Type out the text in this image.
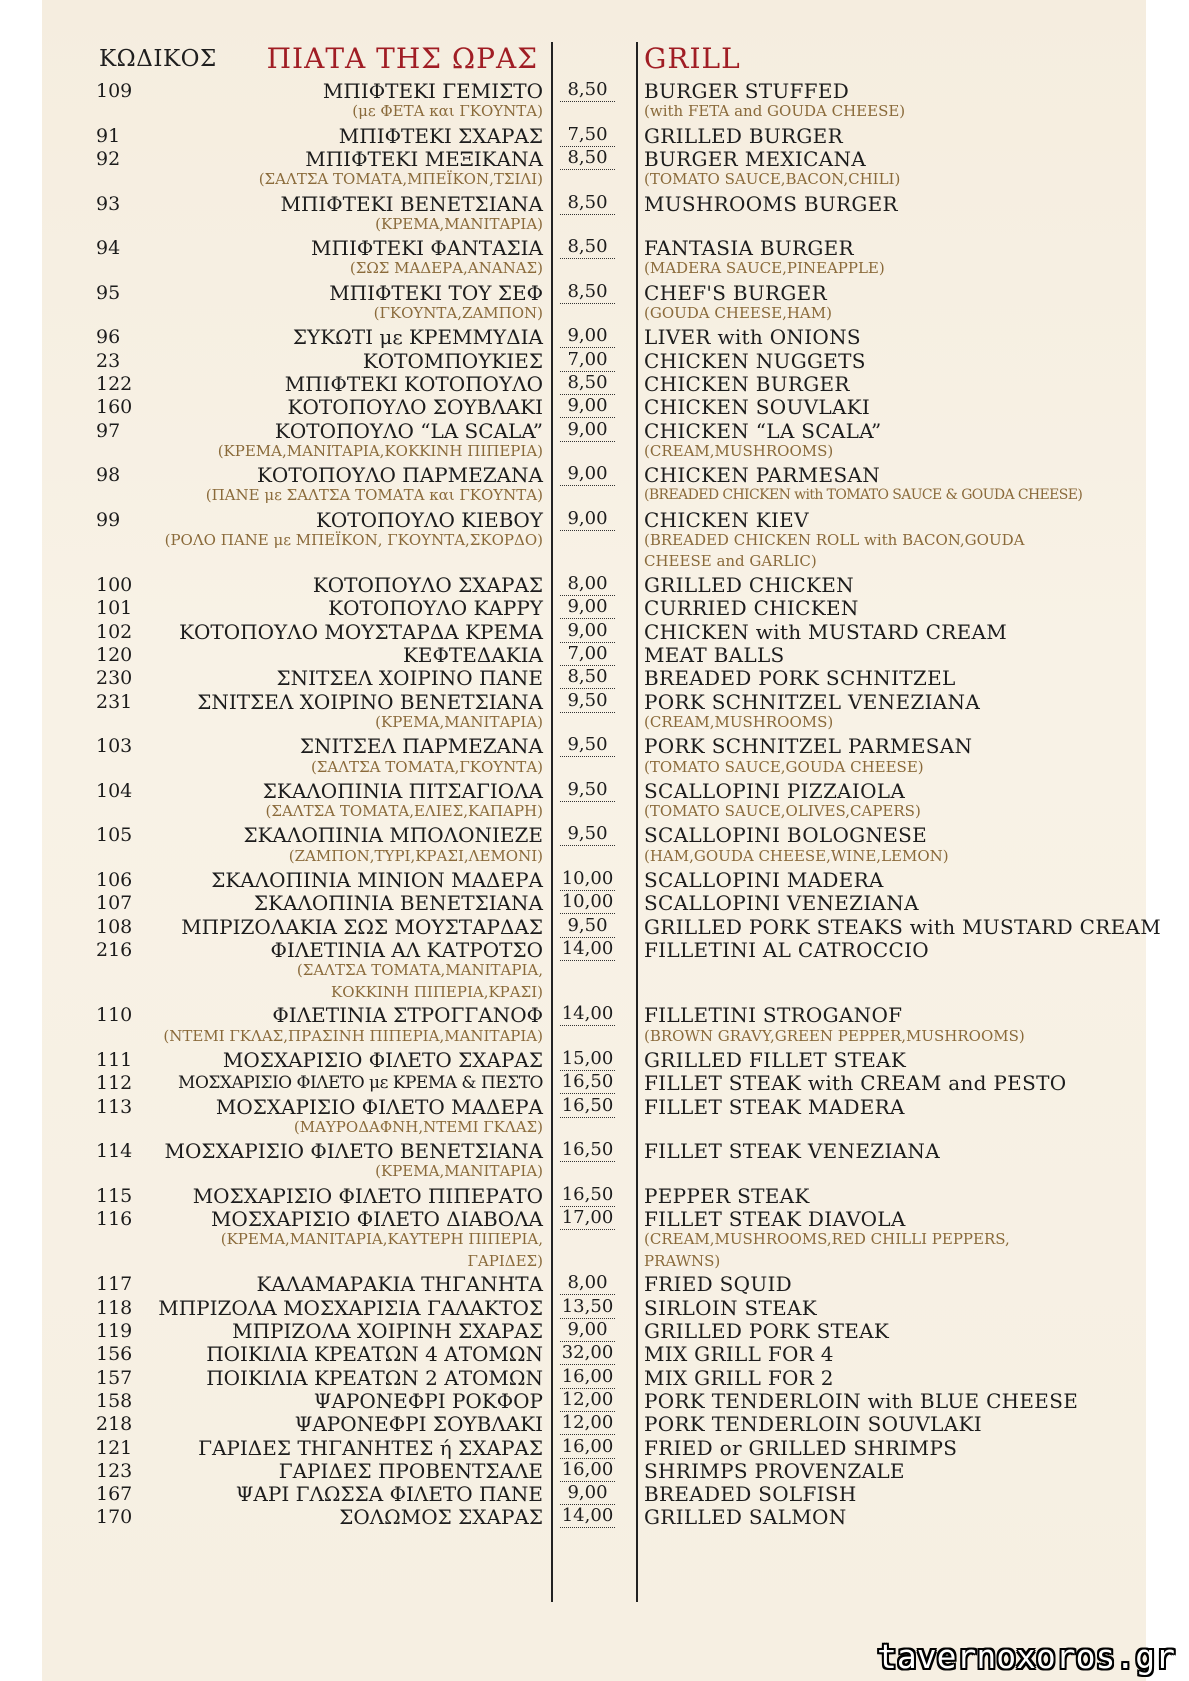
ΚΩΔΙΚΟΣ ΠΙΑΤΑ ΤΗΣ ΩΡΑΣ	GRILL
109	ΜΠΙΦΤΕΚΙ ΓΕΜΙΣΤΟ	8,50	BURGER STUFFED
(με ΦΕΤΑ και ΓΚΟΥΝΤΑ)	(with FETA and GOUDA CHEESE)
91	ΜΠΙΦΤΕΚΙ ΣΧΑΡΑΣ	7,50	GRILLED BURGER
92	ΜΠΙΦΤΕΚΙ ΜΕΞΙΚΑΝΑ	8,50	BURGER MEXICANA
(ΣΑΛΤΣΑ ΤΟΜΑΤΑ,ΜΠΕΪΚΟΝ,ΤΣΙΛΙ)	(TOMATO SAUCE,BACON,CHILI)
93	ΜΠΙΦΤΕΚΙ ΒΕΝΕΤΣΙΑΝΑ	8,50	MUSHROOMS BURGER
(ΚΡΕΜΑ,ΜΑΝΙΤΑΡΙΑ)
94	ΜΠΙΦΤΕΚΙ ΦΑΝΤΑΣΙΑ	8,50	FANTASIA BURGER
(ΣΩΣ ΜΑΔΕΡΑ,ΑΝΑΝΑΣ)	(MADERA SAUCE,PINEAPPLE)
95	ΜΠΙΦΤΕΚΙ ΤΟΥ ΣΕΦ	8,50	CHEF'S BURGER
(ΓΚΟΥΝΤΑ,ΖΑΜΠΟΝ)	(GOUDA CHEESE,HAM)
96	ΣΥΚΩΤΙ με ΚΡΕΜΜΥΔΙΑ	9,00	LIVER with ONIONS
23	ΚΟΤΟΜΠΟΥΚΙΕΣ	7,00	CHICKEN NUGGETS
122	ΜΠΙΦΤΕΚΙ ΚΟΤΟΠΟΥΛΟ	8,50	CHICKEN BURGER
160	ΚΟΤΟΠΟΥΛΟ ΣΟΥΒΛΑΚΙ	9,00	CHICKEN SOUVLAKI
97	ΚΟΤΟΠΟΥΛΟ “LA SCALA”	9,00	CHICKEN “LA SCALA”
(ΚΡΕΜΑ,ΜΑΝΙΤΑΡΙΑ,ΚΟΚΚΙΝΗ ΠΙΠΕΡΙΑ)	(CREAM,MUSHROOMS)
98	ΚΟΤΟΠΟΥΛΟ ΠΑΡΜΕΖΑΝΑ	9,00	CHICKEN PARMESAN
(ΠΑΝΕ με ΣΑΛΤΣΑ ΤΟΜΑΤΑ και ΓΚΟΥΝΤΑ)	(BREADED CHICKEN with TOMATO SAUCE & GOUDA CHEESE)
99	ΚΟΤΟΠΟΥΛΟ ΚΙΕΒΟΥ	9,00	CHICKEN KIEV
(ΡΟΛΟ ΠΑΝΕ με ΜΠΕΪΚΟΝ, ΓΚΟΥΝΤΑ,ΣΚΟΡΔΟ)	(BREADED CHICKEN ROLL with BACON,GOUDA
CHEESE and GARLIC)
100	ΚΟΤΟΠΟΥΛΟ ΣΧΑΡΑΣ	8,00	GRILLED CHICKEN
101	ΚΟΤΟΠΟΥΛΟ ΚΑΡΡΥ	9,00	CURRIED CHICKEN
102 ΚΟΤΟΠΟΥΛΟ ΜΟΥΣΤΑΡΔΑ ΚΡΕΜΑ	9,00	CHICKEN with MUSTARD CREAM
120	ΚΕΦΤΕΔΑΚΙΑ	7,00	MEAT BALLS
230	ΣΝΙΤΣΕΛ ΧΟΙΡΙΝΟ ΠΑΝΕ	8,50	BREADED PORK SCHNITZEL
231	ΣΝΙΤΣΕΛ ΧΟΙΡΙΝΟ ΒΕΝΕΤΣΙΑΝΑ	9,50	PORK SCHNITZEL VENEZIANA
(ΚΡΕΜΑ,ΜΑΝΙΤΑΡΙΑ)	(CREAM,MUSHROOMS)
103	ΣΝΙΤΣΕΛ ΠΑΡΜΕΖΑΝΑ	9,50	PORK SCHNITZEL PARMESAN
(ΣΑΛΤΣΑ ΤΟΜΑΤΑ,ΓΚΟΥΝΤΑ)	(TOMATO SAUCE,GOUDA CHEESE)
104	ΣΚΑΛΟΠΙΝΙΑ ΠΙΤΣΑΓΙΟΛΑ	9,50	SCALLOPINI PIZZAIOLA
(ΣΑΛΤΣΑ ΤΟΜΑΤΑ,ΕΛΙΕΣ,ΚΑΠΑΡΗ)	(TOMATO SAUCE,OLIVES,CAPERS)
105	ΣΚΑΛΟΠΙΝΙΑ ΜΠΟΛΟΝΙΕΖΕ	9,50	SCALLOPINI BOLOGNESE
(ΖΑΜΠΟΝ,ΤΥΡΙ,ΚΡΑΣΙ,ΛΕΜΟΝΙ)	(HAM,GOUDA CHEESE,WINE,LEMON)
106	ΣΚΑΛΟΠΙΝΙΑ ΜΙΝΙΟΝ ΜΑΔΕΡΑ 10,00 SCALLOPINI MADERA
107	ΣΚΑΛΟΠΙΝΙΑ ΒΕΝΕΤΣΙΑΝΑ 10,00 SCALLOPINI VENEZIANA
108 ΜΠΡΙΖΟΛΑΚΙΑ ΣΩΣ ΜΟΥΣΤΑΡΔΑΣ	9,50	GRILLED PORK STEAKS with MUSTARD CREAM
216	ΦΙΛΕΤΙΝΙΑ ΑΛ ΚΑΤΡΟΤΣΟ 14,00 FILLETINI AL CATROCCIO
(ΣΑΛΤΣΑ ΤΟΜΑΤΑ,ΜΑΝΙΤΑΡΙΑ,
ΚΟΚΚΙΝΗ ΠΙΠΕΡΙΑ,ΚΡΑΣΙ)
110	ΦΙΛΕΤΙΝΙΑ ΣΤΡΟΓΓΑΝΟΦ 14,00 FILLETINI STROGANOF
(ΝΤΕΜΙ ΓΚΛΑΣ,ΠΡΑΣΙΝΗ ΠΙΠΕΡΙΑ,ΜΑΝΙΤΑΡΙΑ)	(BROWN GRAVY,GREEN PEPPER,MUSHROOMS)
111	ΜΟΣΧΑΡΙΣΙΟ ΦΙΛΕΤΟ ΣΧΑΡΑΣ 15,00 GRILLED FILLET STEAK
112	ΜΟΣΧΑΡΙΣΙΟ ΦΙΛΕΤΟ με ΚΡΕΜΑ & ΠΕΣΤΟ 16,50 FILLET STEAK with CREAM and PESTO
113	ΜΟΣΧΑΡΙΣΙΟ ΦΙΛΕΤΟ ΜΑΔΕΡΑ 16,50 FILLET STEAK MADERA
(ΜΑΥΡΟΔΑΦΝΗ,ΝΤΕΜΙ ΓΚΛΑΣ)
114 ΜΟΣΧΑΡΙΣΙΟ ΦΙΛΕΤΟ ΒΕΝΕΤΣΙΑΝΑ 16,50 FILLET STEAK VENEZIANA
(ΚΡΕΜΑ,ΜΑΝΙΤΑΡΙΑ)
115	ΜΟΣΧΑΡΙΣΙΟ ΦΙΛΕΤΟ ΠΙΠΕΡΑΤΟ 16,50 PEPPER STEAK
116	ΜΟΣΧΑΡΙΣΙΟ ΦΙΛΕΤΟ ΔΙΑΒΟΛΑ 17,00 FILLET STEAK DIAVOLA
(ΚΡΕΜΑ,ΜΑΝΙΤΑΡΙΑ,ΚΑΥΤΕΡΗ ΠΙΠΕΡΙΑ,	(CREAM,MUSHROOMS,RED CHILLI PEPPERS,
ΓΑΡΙΔΕΣ)	PRAWNS)
117	ΚΑΛΑΜΑΡΑΚΙΑ ΤΗΓΑΝΗΤΑ	8,00	FRIED SQUID
118 ΜΠΡΙΖΟΛΑ ΜΟΣΧΑΡΙΣΙΑ ΓΑΛΑΚΤΟΣ 13,50 SIRLOIN STEAK
119	ΜΠΡΙΖΟΛΑ ΧΟΙΡΙΝΗ ΣΧΑΡΑΣ	9,00	GRILLED PORK STEAK
156	ΠΟΙΚΙΛΙΑ ΚΡΕΑΤΩΝ 4 ΑΤΟΜΩΝ 32,00 MIX GRILL FOR 4
157	ΠΟΙΚΙΛΙΑ ΚΡΕΑΤΩΝ 2 ΑΤΟΜΩΝ 16,00 MIX GRILL FOR 2
158	ΨΑΡΟΝΕΦΡΙ ΡΟΚΦΟΡ 12,00 PORK TENDERLOIN with BLUE CHEESE
218	ΨΑΡΟΝΕΦΡΙ ΣΟΥΒΛΑΚΙ 12,00 PORK TENDERLOIN SOUVLAKI
121	ΓΑΡΙΔΕΣ ΤΗΓΑΝΗΤΕΣ ή ΣΧΑΡΑΣ 16,00 FRIED or GRILLED SHRIMPS
123	ΓΑΡΙΔΕΣ ΠΡΟΒΕΝΤΣΑΛΕ 16,00 SHRIMPS PROVENZALE
167	ΨΑΡΙ ΓΛΩΣΣΑ ΦΙΛΕΤΟ ΠΑΝΕ	9,00	BREADED SOLFISH
170	ΣΟΛΩΜΟΣ ΣΧΑΡΑΣ 14,00 GRILLED SALMON
tavernoxoros.gr
